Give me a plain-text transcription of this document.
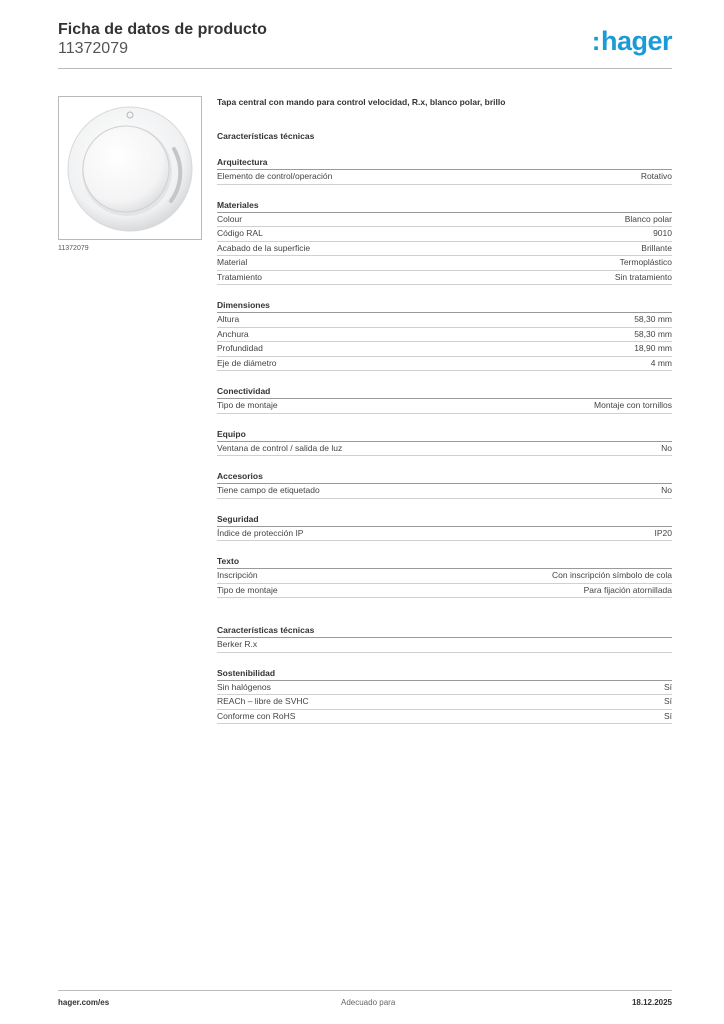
Ficha de datos de producto
11372079	:hager
11372079
Tapa central con mando para control velocidad, R.x, blanco polar, brillo
Características técnicas
Arquitectura
Elemento de control/operación	Rotativo
Materiales
Colour	Blanco polar
Código RAL	9010
Acabado de la superficie	Brillante
Material	Termoplástico
Tratamiento	Sin tratamiento
Dimensiones
Altura	58,30 mm
Anchura	58,30 mm
Profundidad	18,90 mm
Eje de diámetro	4 mm
Conectividad
Tipo de montaje	Montaje con tornillos
Equipo
Ventana de control / salida de luz	No
Accesorios
Tiene campo de etiquetado	No
Seguridad
Índice de protección IP	IP20
Texto
Inscripción	Con inscripción símbolo de cola
Tipo de montaje	Para fijación atornillada
Características técnicas
Berker R.x
Sostenibilidad
Sin halógenos	Sí
REACh – libre de SVHC	Sí
Conforme con RoHS	Sí
hager.com/es	Adecuado para	18.12.2025
